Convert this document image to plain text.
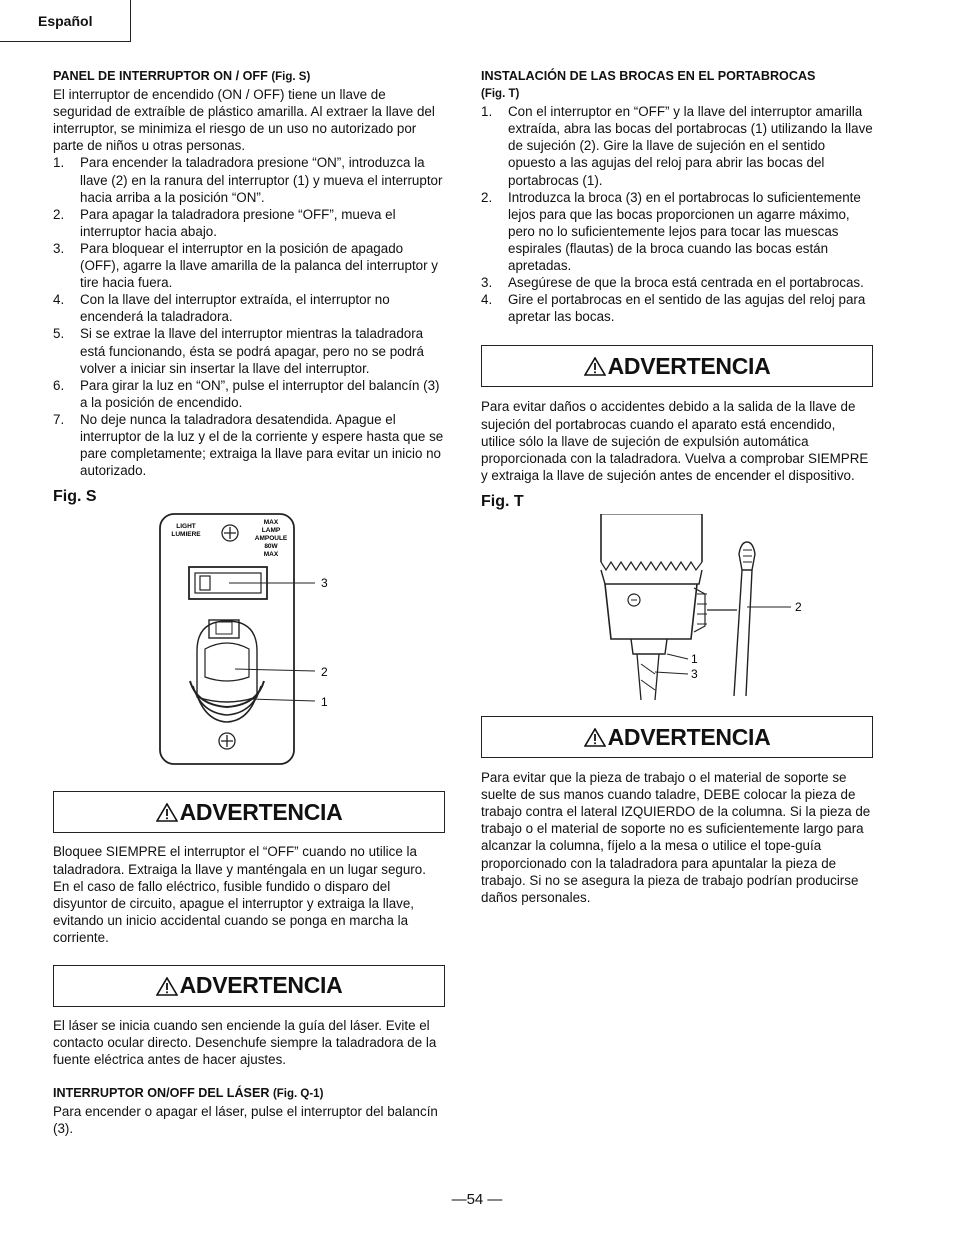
Español
PANEL DE INTERRUPTOR ON / OFF (Fig. S)

El interruptor de encendido (ON / OFF) tiene un llave de seguridad de extraíble de plástico amarilla. Al extraer la llave del interruptor, se minimiza el riesgo de un uso no autorizado por parte de niños u otras personas.

1. Para encender la taladradora presione “ON”, introduzca la llave (2) en la ranura del interruptor (1) y mueva el interruptor hacia arriba a la posición “ON”.
2. Para apagar la taladradora presione “OFF”, mueva el interruptor hacia abajo.
3. Para bloquear el interruptor en la posición de apagado (OFF), agarre la llave amarilla de la palanca del interruptor y tire hacia fuera.
4. Con la llave del interruptor extraída, el interruptor no encenderá la taladradora.
5. Si se extrae la llave del interruptor mientras la taladradora está funcionando, ésta se podrá apagar, pero no se podrá volver a iniciar sin insertar la llave del interruptor.
6. Para girar la luz en “ON”, pulse el interruptor del balancín (3) a la posición de encendido.
7. No deje nunca la taladradora desatendida. Apague el interruptor de la luz y el de la corriente y espere hasta que se pare completamente; extraiga la llave para evitar un inicio no autorizado.
Fig. S
LIGHT
LUMIERE
MAX
LAMP
AMPOULE
80W
MAX
3
2
1
ADVERTENCIA

Bloquee SIEMPRE el interruptor el “OFF” cuando no utilice la taladradora. Extraiga la llave y manténgala en un lugar seguro. En el caso de fallo eléctrico, fusible fundido o disparo del disyuntor de circuito, apague el interruptor y extraiga la llave, evitando un inicio accidental cuando se ponga en marcha la corriente.

ADVERTENCIA

El láser se inicia cuando sen enciende la guía del láser. Evite el contacto ocular directo. Desenchufe siempre la taladradora de la fuente eléctrica antes de hacer ajustes.

INTERRUPTOR ON/OFF DEL LÁSER (Fig. Q-1)

Para encender o apagar el láser, pulse el interruptor del balancín (3).

INSTALACIÓN DE LAS BROCAS EN EL PORTABROCAS
(Fig. T)
1. Con el interruptor en “OFF” y la llave del interruptor amarilla extraída, abra las bocas del portabrocas (1) utilizando la llave de sujeción (2). Gire la llave de sujeción en el sentido opuesto a las agujas del reloj para abrir las bocas del portabrocas (1).
2. Introduzca la broca (3) en el portabrocas lo suficientemente lejos para que las bocas proporcionen un agarre máximo, pero no lo suficientemente lejos para tocar las muescas espirales (flautas) de la broca cuando las bocas están apretadas.
3. Asegúrese de que la broca está centrada en el portabrocas.
4. Gire el portabrocas en el sentido de las agujas del reloj para apretar las bocas.
ADVERTENCIA

Para evitar daños o accidentes debido a la salida de la llave de sujeción del portabrocas cuando el aparato está encendido, utilice sólo la llave de sujeción de expulsión automática proporcionada con la taladradora. Vuelva a comprobar SIEMPRE y extraiga la llave de sujeción antes de encender el dispositivo.

Fig. T
2
1
3
ADVERTENCIA

Para evitar que la pieza de trabajo o el material de soporte se suelte de sus manos cuando taladre, DEBE colocar la pieza de trabajo contra el lateral IZQUIERDO de la columna. Si la pieza de trabajo o el material de soporte no es suficientemente largo para alcanzar la columna, fíjelo a la mesa o utilice el tope-guía proporcionado con la taladradora para apuntalar la pieza de trabajo. Si no se asegura la pieza de trabajo podrían producirse daños personales.

—54 —
